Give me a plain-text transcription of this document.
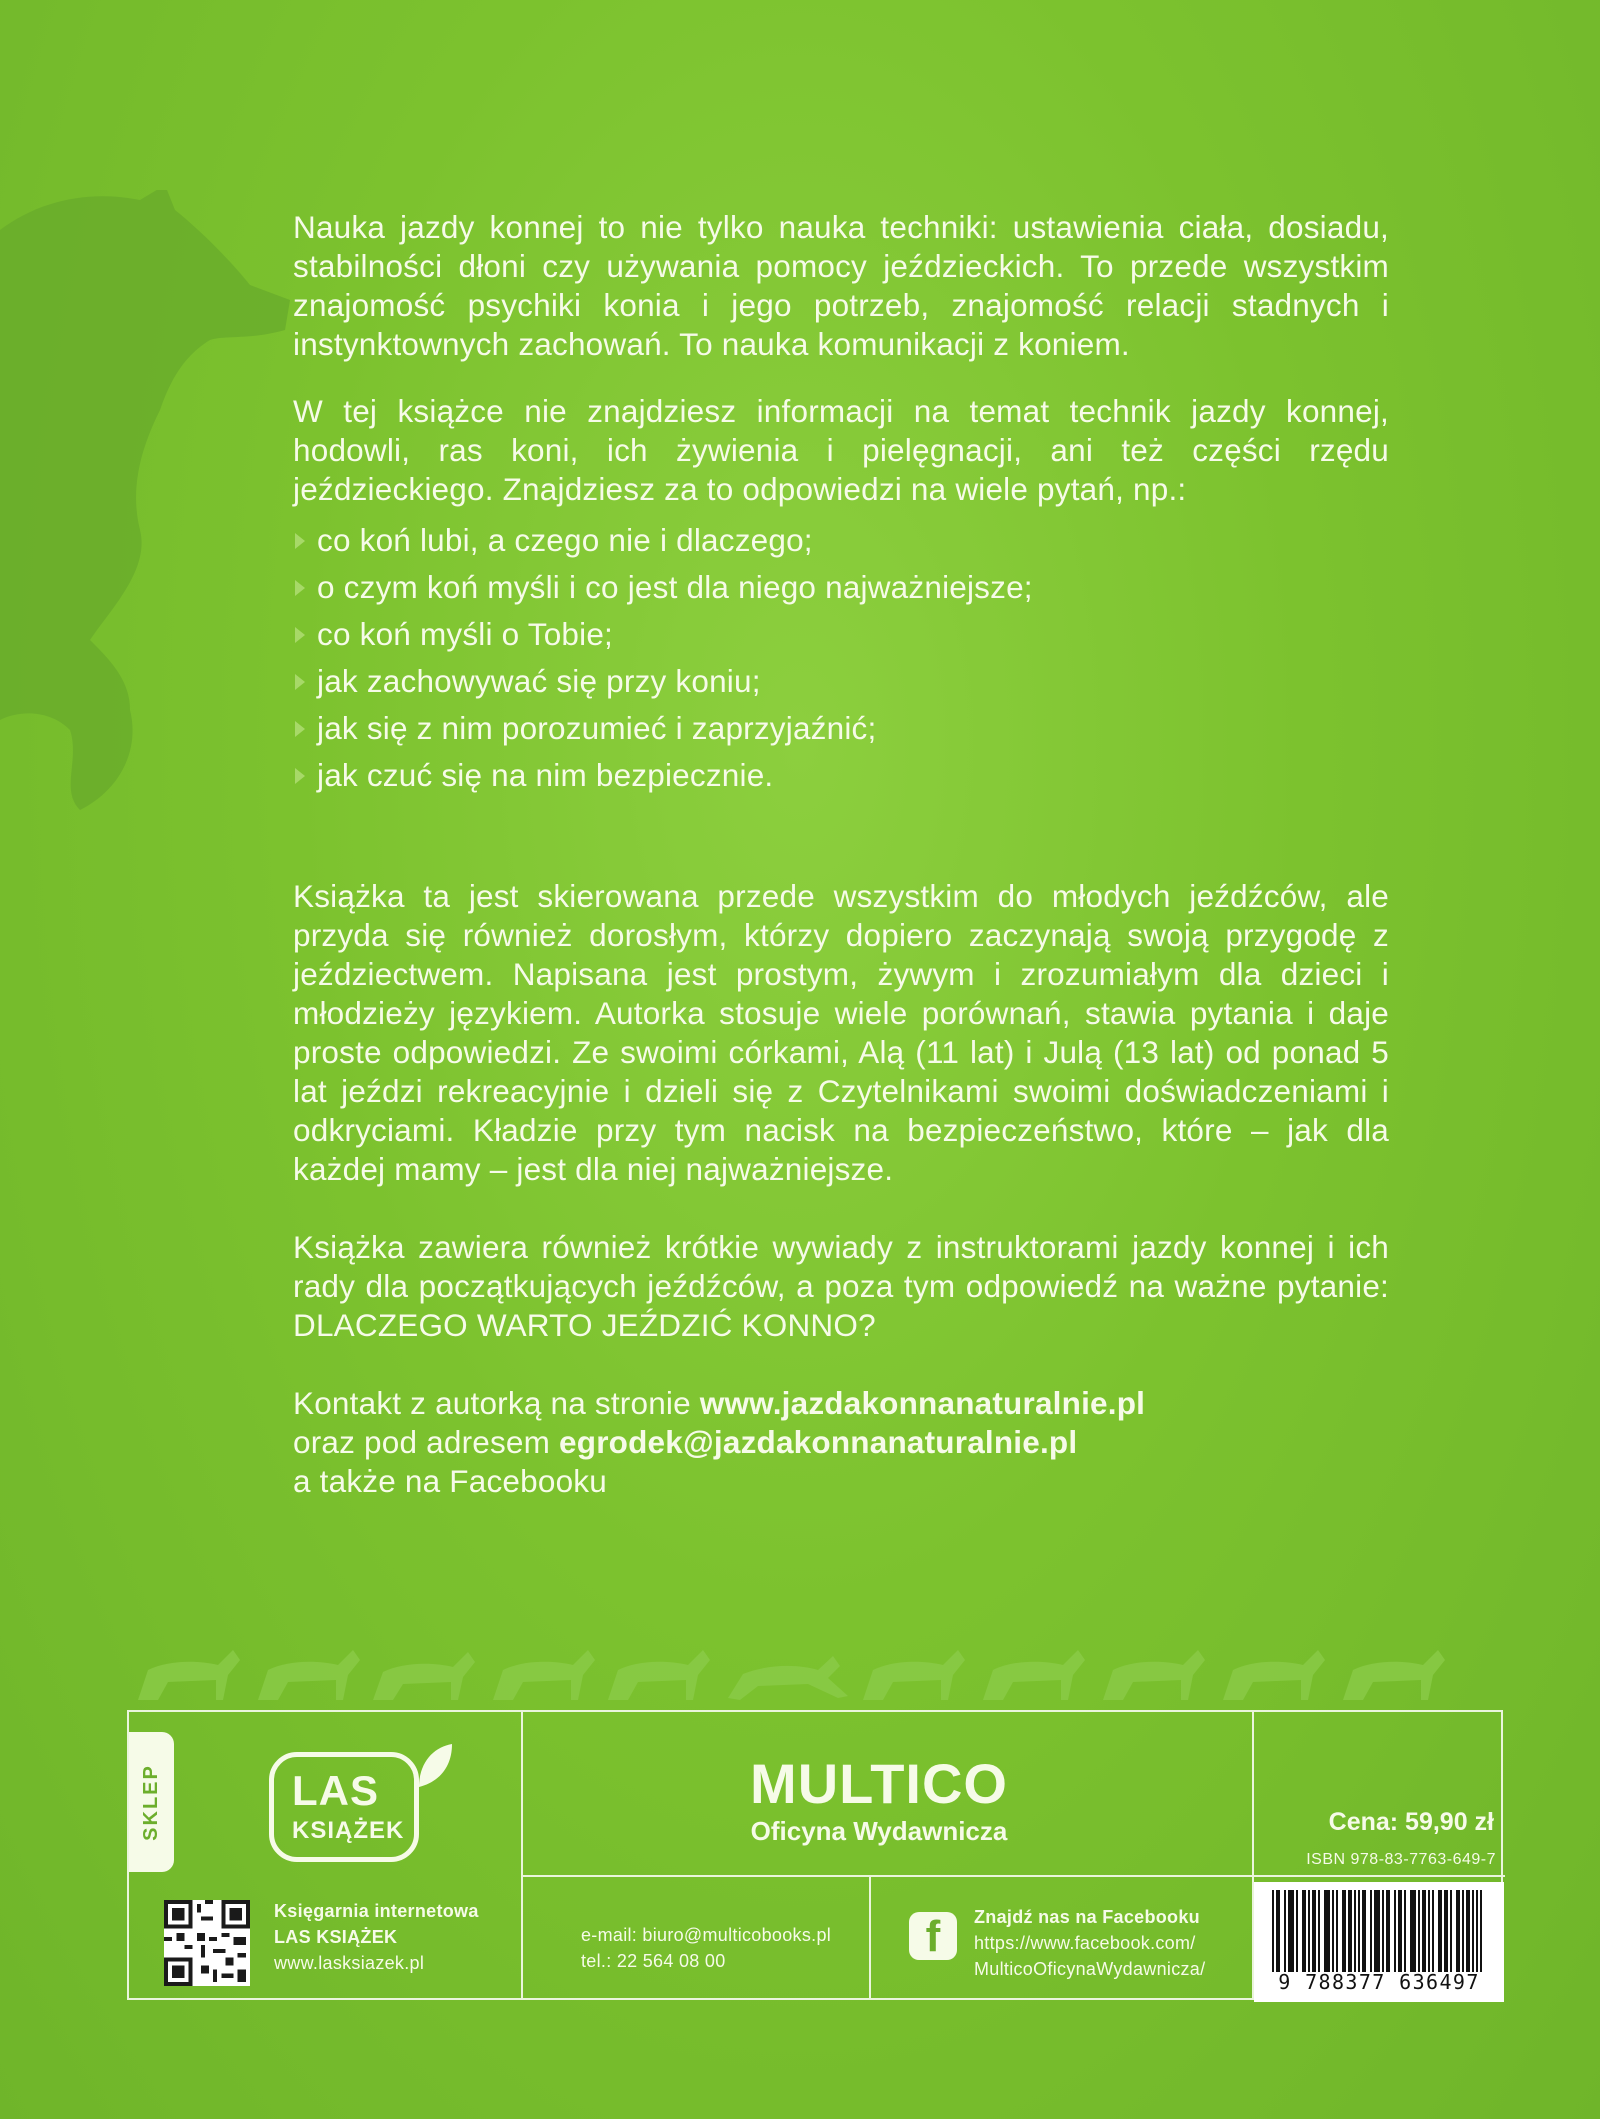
Nauka jazdy konnej to nie tylko nauka techniki: ustawienia ciała, dosiadu, stabilności dłoni czy używania pomocy jeździeckich. To przede wszystkim znajomość psychiki konia i jego potrzeb, znajomość relacji stadnych i instynktownych zachowań. To nauka komunikacji z koniem.

W tej książce nie znajdziesz informacji na temat technik jazdy konnej, hodowli, ras koni, ich żywienia i pielęgnacji, ani też części rzędu jeździeckiego. Znajdziesz za to odpowiedzi na wiele pytań, np.:

co koń lubi, a czego nie i dlaczego;
o czym koń myśli i co jest dla niego najważniejsze;
co koń myśli o Tobie;
jak zachowywać się przy koniu;
jak się z nim porozumieć i zaprzyjaźnić;
jak czuć się na nim bezpiecznie.

Książka ta jest skierowana przede wszystkim do młodych jeźdźców, ale przyda się również dorosłym, którzy dopiero zaczynają swoją przygodę z jeździectwem. Napisana jest prostym, żywym i zrozumiałym dla dzieci i młodzieży językiem. Autorka stosuje wiele porównań, stawia pytania i daje proste odpowiedzi. Ze swoimi córkami, Alą (11 lat) i Julą (13 lat) od ponad 5 lat jeździ rekreacyjnie i dzieli się z Czytelnikami swoimi doświadczeniami i odkryciami. Kładzie przy tym nacisk na bezpieczeństwo, które – jak dla każdej mamy – jest dla niej najważniejsze.

Książka zawiera również krótkie wywiady z instruktorami jazdy konnej i ich rady dla początkujących jeźdźców, a poza tym odpowiedź na ważne pytanie: DLACZEGO WARTO JEŹDZIĆ KONNO?

Kontakt z autorką na stronie www.jazdakonnanaturalnie.pl
oraz pod adresem egrodek@jazdakonnanaturalnie.pl
a także na Facebooku

SKLEP	LAS
KSIĄŻEK
Księgarnia internetowa
LAS KSIĄŻEK
www.lasksiazek.pl
MULTICO
Oficyna Wydawnicza
e-mail: biuro@multicobooks.pl
tel.: 22 564 08 00	f Znajdź nas na Facebooku
https://www.facebook.com/
MulticoOficynaWydawnicza/
Cena: 59,90 zł
ISBN 978-83-7763-649-7
9 788377 636497
